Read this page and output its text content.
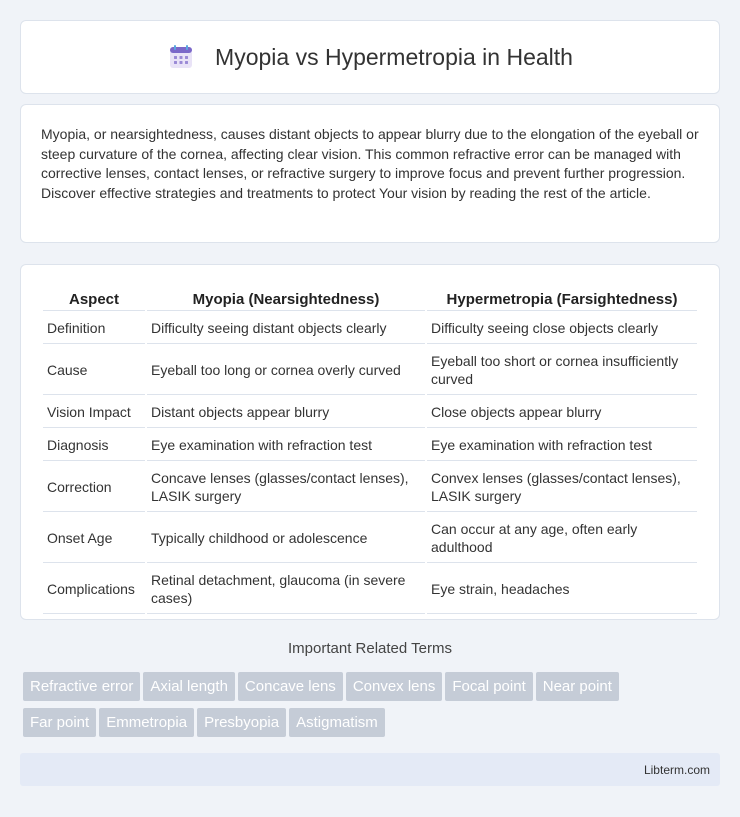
Myopia vs Hypermetropia in Health

Myopia, or nearsightedness, causes distant objects to appear blurry due to the elongation of the eyeball or steep curvature of the cornea, affecting clear vision. This common refractive error can be managed with corrective lenses, contact lenses, or refractive surgery to improve focus and prevent further progression. Discover effective strategies and treatments to protect Your vision by reading the rest of the article.

Aspect	Myopia (Nearsightedness)	Hypermetropia (Farsightedness)
Definition	Difficulty seeing distant objects clearly	Difficulty seeing close objects clearly
Cause	Eyeball too long or cornea overly curved	Eyeball too short or cornea insufficiently curved
Vision Impact	Distant objects appear blurry	Close objects appear blurry
Diagnosis	Eye examination with refraction test	Eye examination with refraction test
Correction	Concave lenses (glasses/contact lenses), LASIK surgery	Convex lenses (glasses/contact lenses), LASIK surgery
Onset Age	Typically childhood or adolescence	Can occur at any age, often early adulthood
Complications	Retinal detachment, glaucoma (in severe cases)	Eye strain, headaches
Important Related Terms
Refractive error Axial length Concave lens Convex lens Focal point Near point
Far point Emmetropia Presbyopia Astigmatism
Libterm.com
